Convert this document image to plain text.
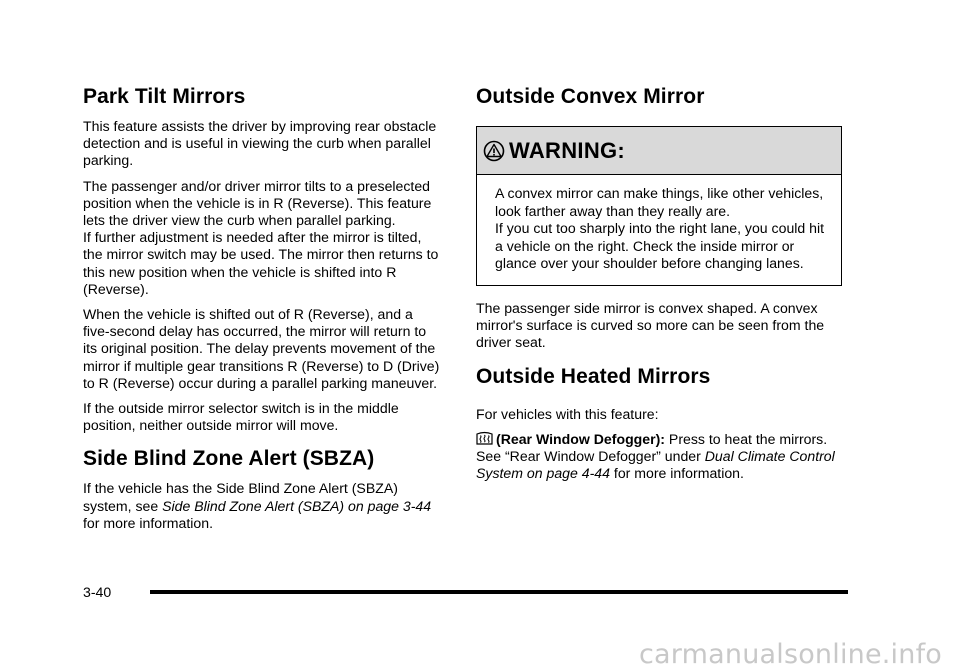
Park Tilt Mirrors

This feature assists the driver by improving rear obstacle detection and is useful in viewing the curb when parallel parking.

The passenger and/or driver mirror tilts to a preselected position when the vehicle is in R (Reverse). This feature lets the driver view the curb when parallel parking.
If further adjustment is needed after the mirror is tilted, the mirror switch may be used. The mirror then returns to this new position when the vehicle is shifted into R (Reverse).

When the vehicle is shifted out of R (Reverse), and a five-second delay has occurred, the mirror will return to its original position. The delay prevents movement of the mirror if multiple gear transitions R (Reverse) to D (Drive) to R (Reverse) occur during a parallel parking maneuver.

If the outside mirror selector switch is in the middle position, neither outside mirror will move.

Side Blind Zone Alert (SBZA)

If the vehicle has the Side Blind Zone Alert (SBZA) system, see Side Blind Zone Alert (SBZA) on page 3-44 for more information.

Outside Convex Mirror
WARNING:
A convex mirror can make things, like other vehicles, look farther away than they really are.
If you cut too sharply into the right lane, you could hit a vehicle on the right. Check the inside mirror or glance over your shoulder before changing lanes.

The passenger side mirror is convex shaped. A convex mirror's surface is curved so more can be seen from the driver seat.

Outside Heated Mirrors

For vehicles with this feature:

(Rear Window Defogger): Press to heat the mirrors. See “Rear Window Defogger” under Dual Climate Control System on page 4-44 for more information.

3-40
carmanualsonline.info
